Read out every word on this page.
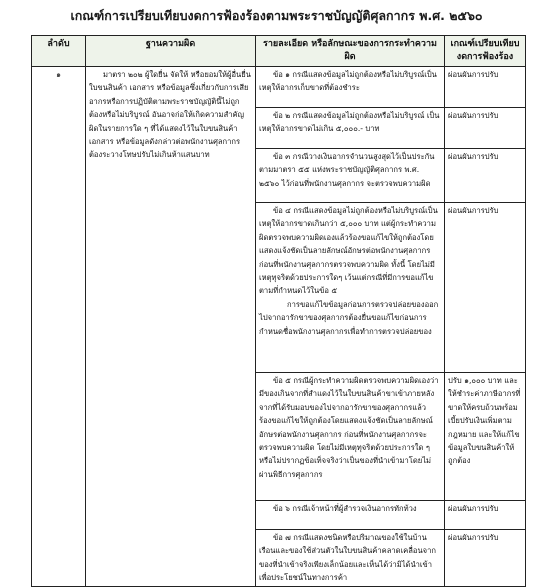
เกณฑ์การเปรียบเทียบงดการฟ้องร้องตามพระราชบัญญัติศุลกากร พ.ศ. ๒๕๖๐
ลำดับ	ฐานความผิด	รายละเอียด หรือลักษณะของการกระทำความผิด	เกณฑ์เปรียบเทียบงดการฟ้องร้อง
๑	มาตรา ๒๐๒ ผู้ใดยื่น จัดให้ หรือยอมให้ผู้อื่นยื่นใบขนสินค้า เอกสาร หรือข้อมูลซึ่งเกี่ยวกับการเสียอากรหรือการปฏิบัติตามพระราชบัญญัตินี้ไม่ถูกต้องหรือไม่บริบูรณ์ อันอาจก่อให้เกิดความสำคัญผิดในรายการใด ๆ ที่ได้แสดงไว้ในใบขนสินค้า เอกสาร หรือข้อมูลดังกล่าวต่อพนักงานศุลกากร ต้องระวางโทษปรับไม่เกินห้าแสนบาท	ข้อ ๑ กรณีแสดงข้อมูลไม่ถูกต้องหรือไม่บริบูรณ์เป็นเหตุให้อากรเก็บขาดที่ต้องชำระ	ผ่อนผันการปรับ

		ข้อ ๒ กรณีแสดงข้อมูลไม่ถูกต้องหรือไม่บริบูรณ์ เป็นเหตุให้อากรขาดไม่เกิน ๕,๐๐๐.- บาท	ผ่อนผันการปรับ

		ข้อ ๓ กรณีวางเงินอากรจำนวนสูงสุดไว้เป็นประกันตามมาตรา ๕๕ แห่งพระราชบัญญัติศุลกากร พ.ศ. ๒๕๖๐ ไว้ก่อนที่พนักงานศุลกากร จะตรวจพบความผิด	ผ่อนผันการปรับ

		ข้อ ๔ กรณีแสดงข้อมูลไม่ถูกต้องหรือไม่บริบูรณ์เป็นเหตุให้อากรขาดเกินกว่า ๕,๐๐๐ บาท แต่ผู้กระทำความผิดตรวจพบความผิดเองแล้วร้องขอแก้ไขให้ถูกต้องโดยแสดงแจ้งชัดเป็นลายลักษณ์อักษรต่อพนักงานศุลกากรก่อนที่พนักงานศุลกากรตรวจพบความผิด ทั้งนี้ โดยไม่มีเหตุทุจริตด้วยประการใดๆ เว้นแต่กรณีที่มีการขอแก้ไขตามที่กำหนดไว้ในข้อ ๕

การขอแก้ไขข้อมูลก่อนการตรวจปล่อยของออกไปจากอารักขาของศุลกากรต้องยื่นขอแก้ไขก่อนการกำหนดชื่อพนักงานศุลกากรเพื่อทำการตรวจปล่อยของ	ผ่อนผันการปรับ

		ข้อ ๕ กรณีผู้กระทำความผิดตรวจพบความผิดเองว่ามีของเกินจากที่สำแดงไว้ในใบขนสินค้าขาเข้าภายหลังจากที่ได้รับมอบของไปจากอารักขาของศุลกากรแล้วร้องขอแก้ไขให้ถูกต้องโดยแสดงแจ้งชัดเป็นลายลักษณ์อักษรต่อพนักงานศุลกากร ก่อนที่พนักงานศุลกากรจะตรวจพบความผิด โดยไม่มีเหตุทุจริตด้วยประการใด ๆ หรือไม่ปรากฏข้อเท็จจริงว่าเป็นของที่นำเข้ามาโดยไม่ผ่านพิธีการศุลกากร	ปรับ ๑,๐๐๐ บาท และให้ชำระค่าภาษีอากรที่ขาดให้ครบถ้วนพร้อมเบี้ยปรับเงินเพิ่มตามกฎหมาย และให้แก้ไขข้อมูลใบขนสินค้าให้ถูกต้อง

		ข้อ ๖ กรณีเจ้าหน้าที่ผู้สำรวจเงินอากรทักท้วง	ผ่อนผันการปรับ

		ข้อ ๗ กรณีแสดงชนิดหรือปริมาณของใช้ในบ้านเรือนและของใช้ส่วนตัวในใบขนสินค้าคลาดเคลื่อนจากของที่นำเข้าจริงเพียงเล็กน้อยและเห็นได้ว่ามิได้นำเข้าเพื่อประโยชน์ในทางการค้า	ผ่อนผันการปรับ
